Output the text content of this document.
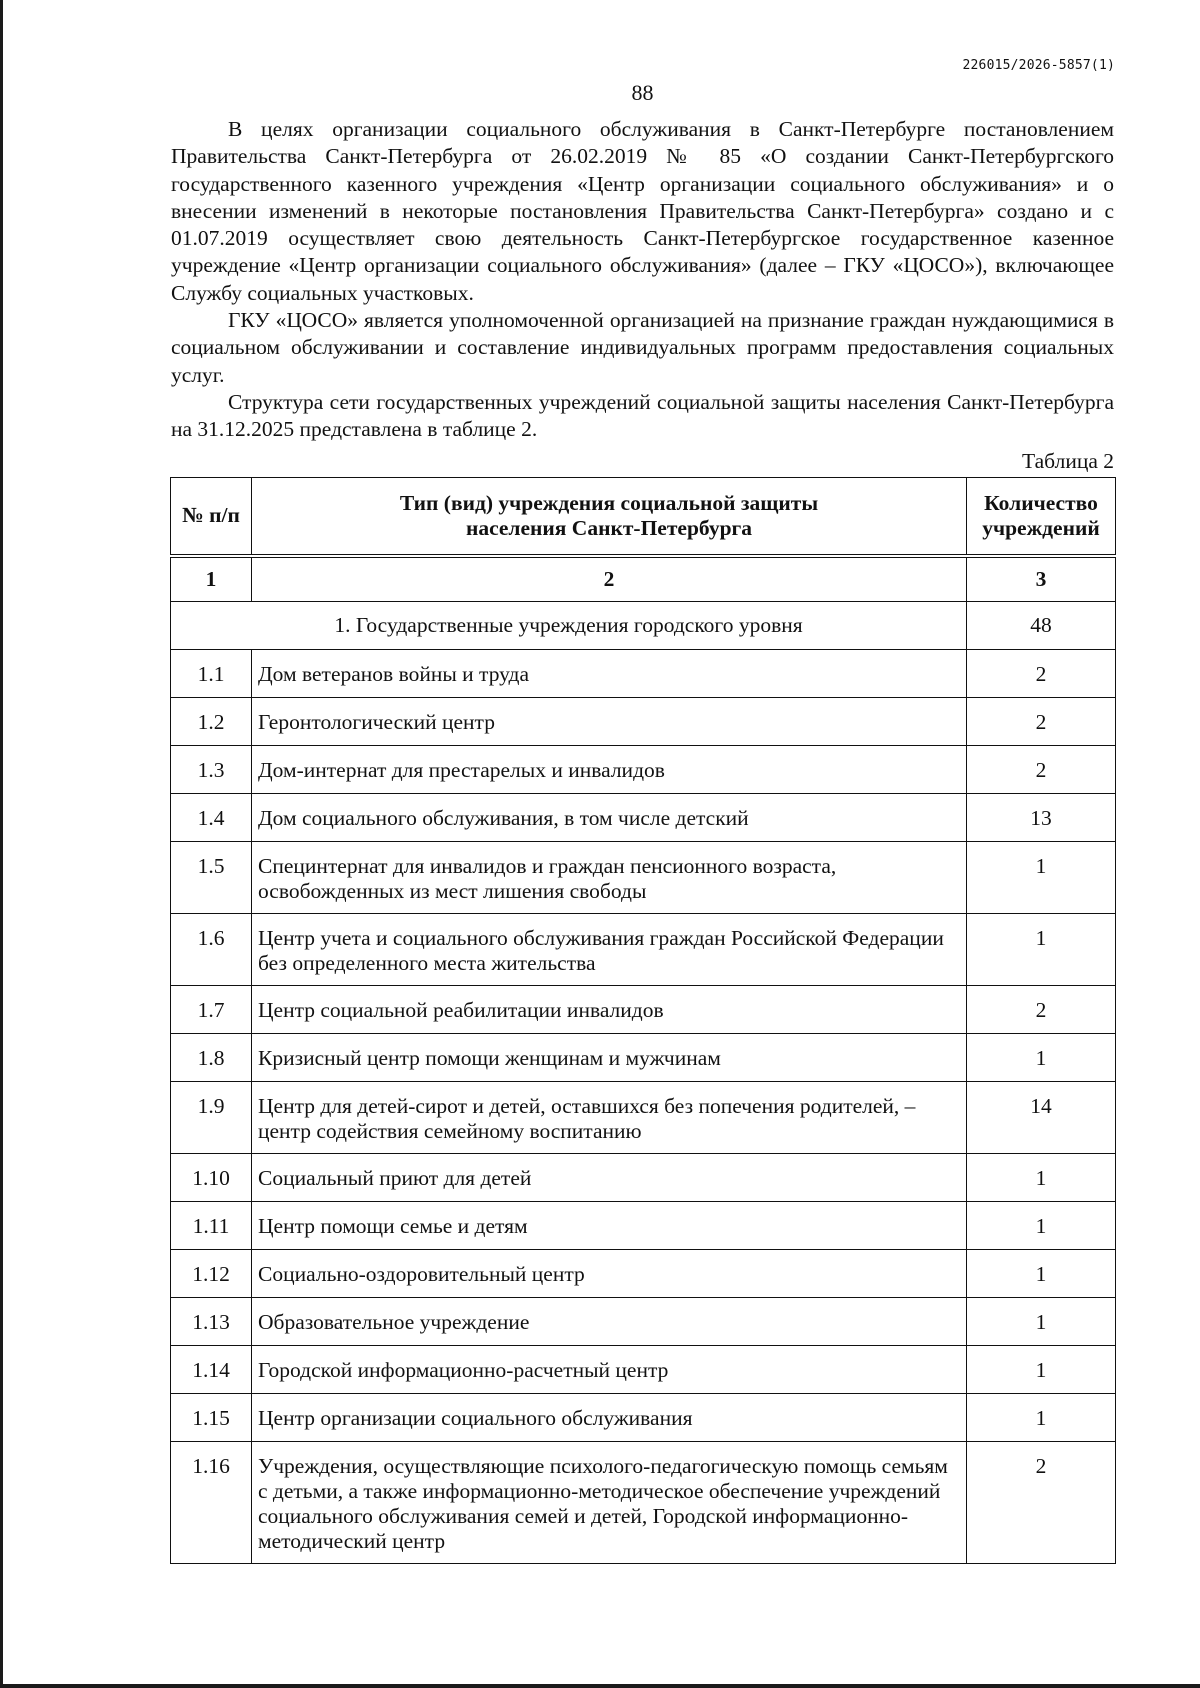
226015/2026-5857(1)
88

В целях организации социального обслуживания в Санкт-Петербурге постановлением Правительства Санкт-Петербурга от 26.02.2019 № 85 «О создании Санкт-Петербургского государственного казенного учреждения «Центр организации социального обслуживания» и о внесении изменений в некоторые постановления Правительства Санкт-Петербурга» создано и с 01.07.2019 осуществляет свою деятельность Санкт-Петербургское государственное казенное учреждение «Центр организации социального обслуживания» (далее – ГКУ «ЦОСО»), включающее Службу социальных участковых.

ГКУ «ЦОСО» является уполномоченной организацией на признание граждан нуждающимися в социальном обслуживании и составление индивидуальных программ предоставления социальных услуг.

Структура сети государственных учреждений социальной защиты населения Санкт-Петербурга на 31.12.2025 представлена в таблице 2.

Таблица 2
№ п/п	Тип (вид) учреждения социальной защиты населения Санкт-Петербурга	Количество учреждений
1	2	3
1. Государственные учреждения городского уровня		48
1.1	Дом ветеранов войны и труда	2
1.2	Геронтологический центр	2
1.3	Дом-интернат для престарелых и инвалидов	2
1.4	Дом социального обслуживания, в том числе детский	13
1.5	Специнтернат для инвалидов и граждан пенсионного возраста, освобожденных из мест лишения свободы	1
1.6	Центр учета и социального обслуживания граждан Российской Федерации без определенного места жительства	1
1.7	Центр социальной реабилитации инвалидов	2
1.8	Кризисный центр помощи женщинам и мужчинам	1
1.9	Центр для детей-сирот и детей, оставшихся без попечения родителей, – центр содействия семейному воспитанию	14
1.10	Социальный приют для детей	1
1.11	Центр помощи семье и детям	1
1.12	Социально-оздоровительный центр	1
1.13	Образовательное учреждение	1
1.14	Городской информационно-расчетный центр	1
1.15	Центр организации социального обслуживания	1
1.16	Учреждения, осуществляющие психолого-педагогическую помощь семьям с детьми, а также информационно-методическое обеспечение учреждений социального обслуживания семей и детей, Городской информационно-методический центр	2
